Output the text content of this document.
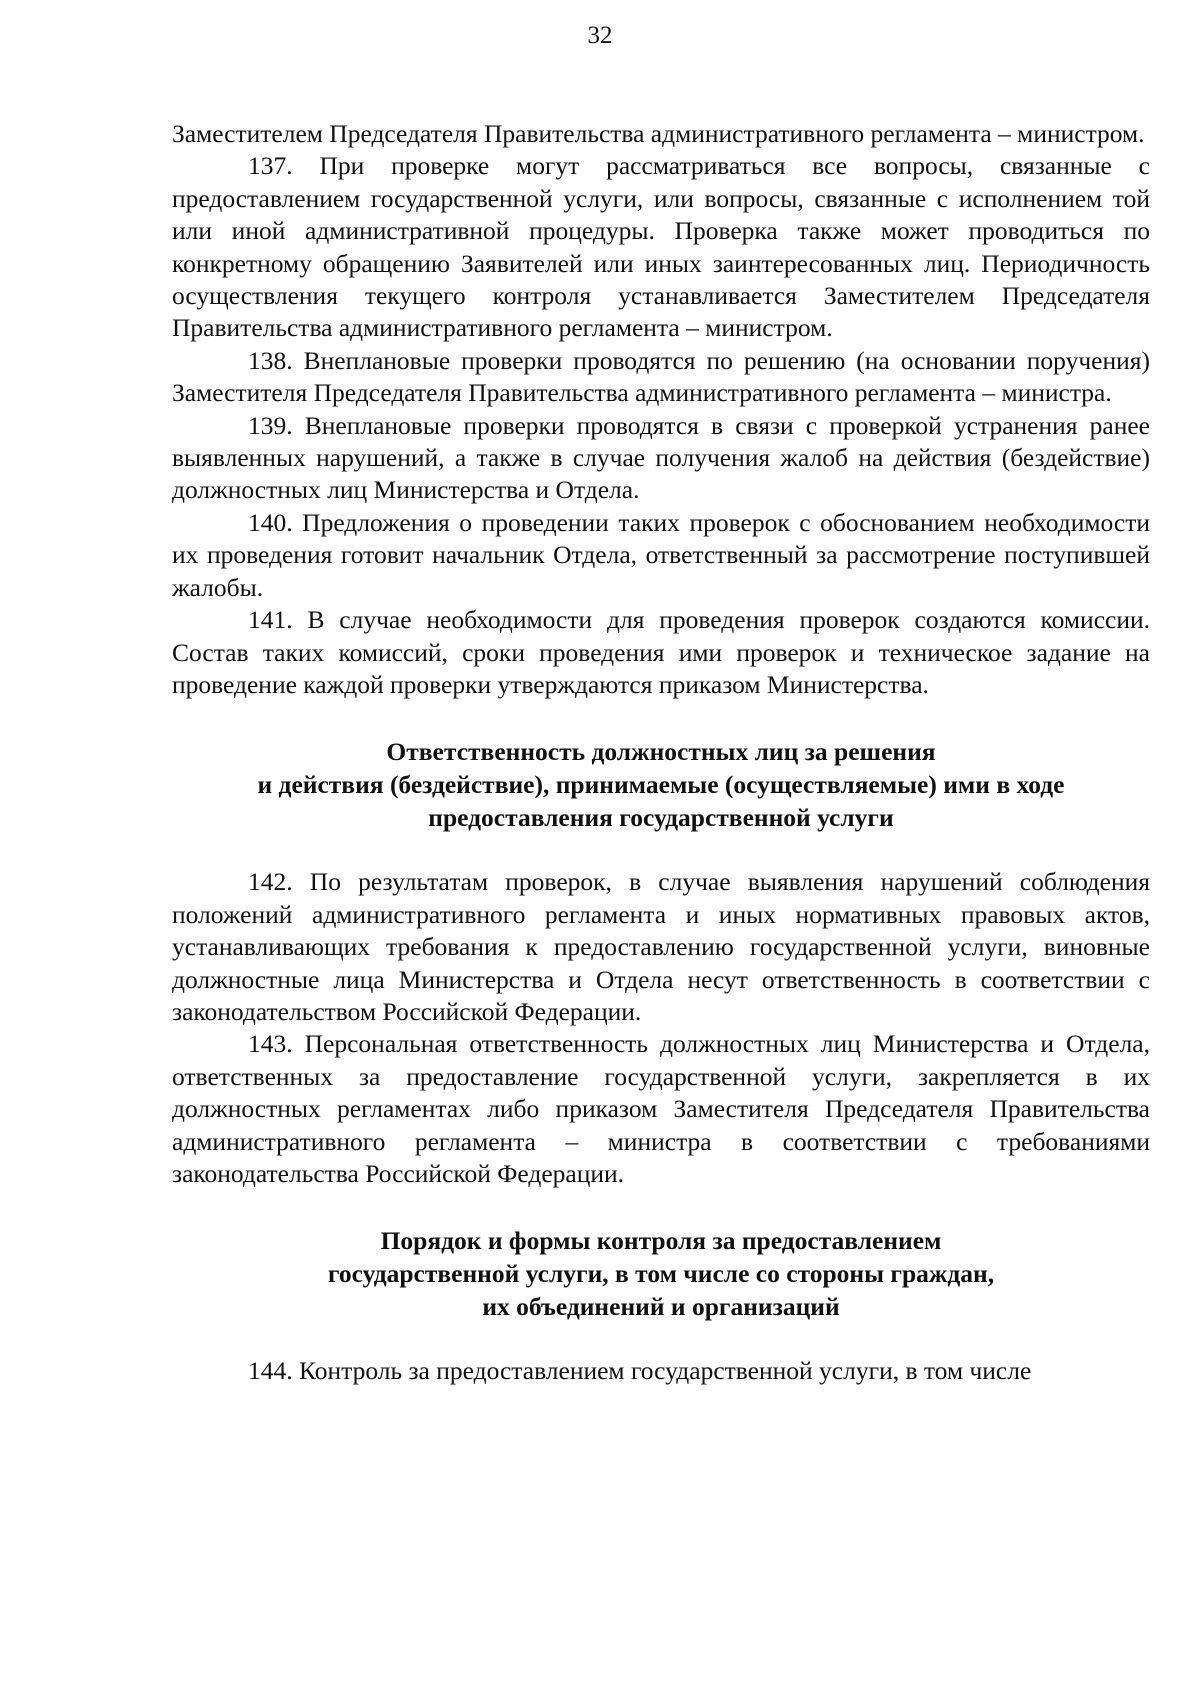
32

Заместителем Председателя Правительства административного регламента – министром.

137. При проверке могут рассматриваться все вопросы, связанные с предоставлением государственной услуги, или вопросы, связанные с исполнением той или иной административной процедуры. Проверка также может проводиться по конкретному обращению Заявителей или иных заинтересованных лиц. Периодичность осуществления текущего контроля устанавливается Заместителем Председателя Правительства административного регламента – министром.

138. Внеплановые проверки проводятся по решению (на основании поручения) Заместителя Председателя Правительства административного регламента – министра.

139. Внеплановые проверки проводятся в связи с проверкой устранения ранее выявленных нарушений, а также в случае получения жалоб на действия (бездействие) должностных лиц Министерства и Отдела.

140. Предложения о проведении таких проверок с обоснованием необходимости их проведения готовит начальник Отдела, ответственный за рассмотрение поступившей жалобы.

141. В случае необходимости для проведения проверок создаются комиссии. Состав таких комиссий, сроки проведения ими проверок и техническое задание на проведение каждой проверки утверждаются приказом Министерства.

Ответственность должностных лиц за решения
и действия (бездействие), принимаемые (осуществляемые) ими в ходе
предоставления государственной услуги

142. По результатам проверок, в случае выявления нарушений соблюдения положений административного регламента и иных нормативных правовых актов, устанавливающих требования к предоставлению государственной услуги, виновные должностные лица Министерства и Отдела несут ответственность в соответствии с законодательством Российской Федерации.

143. Персональная ответственность должностных лиц Министерства и Отдела, ответственных за предоставление государственной услуги, закрепляется в их должностных регламентах либо приказом Заместителя Председателя Правительства административного регламента – министра в соответствии с требованиями законодательства Российской Федерации.

Порядок и формы контроля за предоставлением
государственной услуги, в том числе со стороны граждан,
их объединений и организаций

144. Контроль за предоставлением государственной услуги, в том числе
